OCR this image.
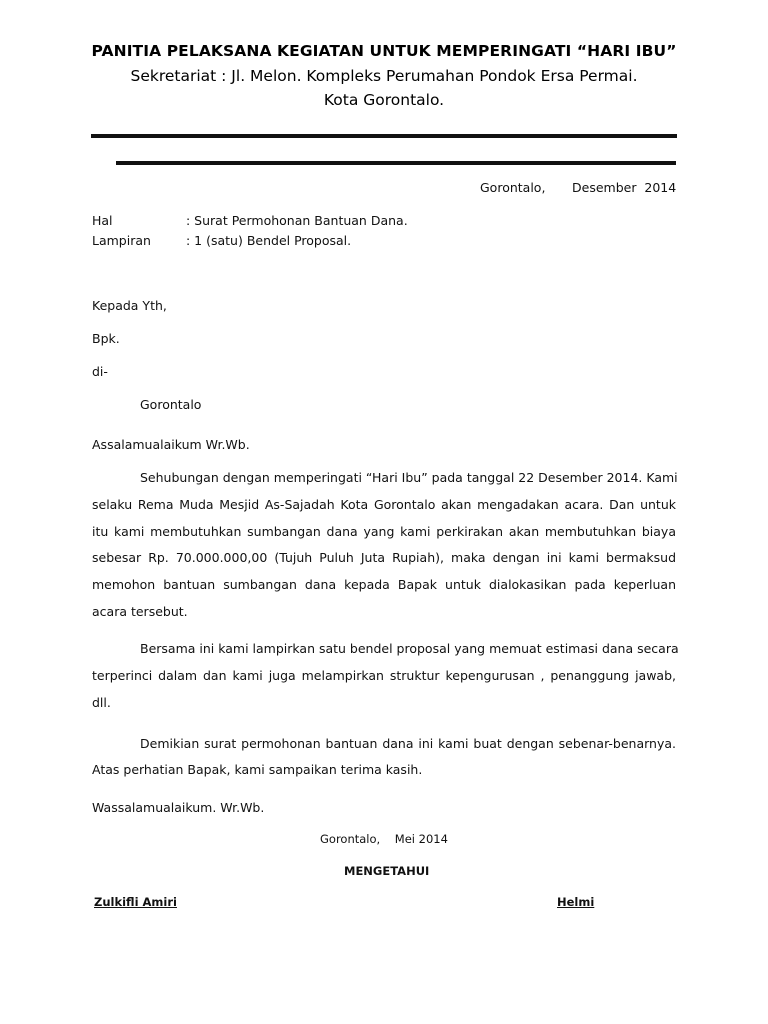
PANITIA PELAKSANA KEGIATAN UNTUK MEMPERINGATI “HARI IBU”
Sekretariat : Jl. Melon. Kompleks Perumahan Pondok Ersa Permai.
Kota Gorontalo.
Gorontalo, Desember  2014
Hal	: Surat Permohonan Bantuan Dana.
Lampiran	: 1 (satu) Bendel Proposal.
Kepada Yth,
Bpk.
di-
Gorontalo
Assalamualaikum Wr.Wb.
Sehubungan dengan memperingati “Hari Ibu” pada tanggal 22 Desember 2014. Kami
selaku Rema Muda Mesjid As-Sajadah Kota Gorontalo akan mengadakan acara. Dan untuk
itu kami membutuhkan sumbangan dana yang kami perkirakan akan membutuhkan biaya
sebesar Rp. 70.000.000,00 (Tujuh Puluh Juta Rupiah), maka dengan ini kami bermaksud
memohon bantuan sumbangan dana kepada Bapak untuk dialokasikan pada keperluan
acara tersebut.
Bersama ini kami lampirkan satu bendel proposal yang memuat estimasi dana secara
terperinci dalam dan kami juga melampirkan struktur kepengurusan , penanggung jawab,
dll.
Demikian surat permohonan bantuan dana ini kami buat dengan sebenar-benarnya.
Atas perhatian Bapak, kami sampaikan terima kasih.
Wassalamualaikum. Wr.Wb.
Gorontalo,    Mei 2014
MENGETAHUI
Zulkifli Amiri	Helmi
